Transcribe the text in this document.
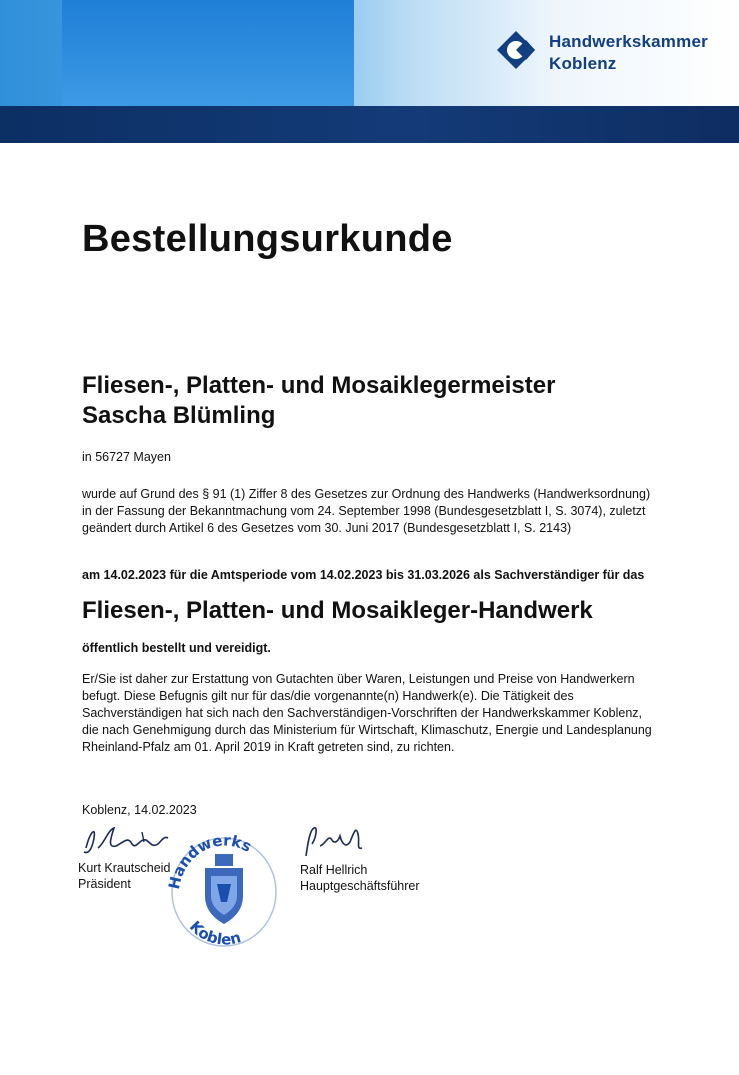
Handwerkskammer
Koblenz
Bestellungsurkunde
Fliesen-, Platten- und Mosaiklegermeister
Sascha Blümling

in 56727 Mayen

wurde auf Grund des § 91 (1) Ziffer 8 des Gesetzes zur Ordnung des Handwerks (Handwerksordnung)
in der Fassung der Bekanntmachung vom 24. September 1998 (Bundesgesetzblatt I, S. 3074), zuletzt
geändert durch Artikel 6 des Gesetzes vom 30. Juni 2017 (Bundesgesetzblatt I, S. 2143)

am 14.02.2023 für die Amtsperiode vom 14.02.2023 bis 31.03.2026 als Sachverständiger für das

Fliesen-, Platten- und Mosaikleger-Handwerk

öffentlich bestellt und vereidigt.

Er/Sie ist daher zur Erstattung von Gutachten über Waren, Leistungen und Preise von Handwerkern
befugt. Diese Befugnis gilt nur für das/die vorgenannte(n) Handwerk(e). Die Tätigkeit des
Sachverständigen hat sich nach den Sachverständigen-Vorschriften der Handwerkskammer Koblenz,
die nach Genehmigung durch das Ministerium für Wirtschaft, Klimaschutz, Energie und Landesplanung
Rheinland-Pfalz am 01. April 2019 in Kraft getreten sind, zu richten.

Koblenz, 14.02.2023

Kurt Krautscheid

Präsident	Handwerks
Koblen

Ralf Hellrich

Hauptgeschäftsführer
